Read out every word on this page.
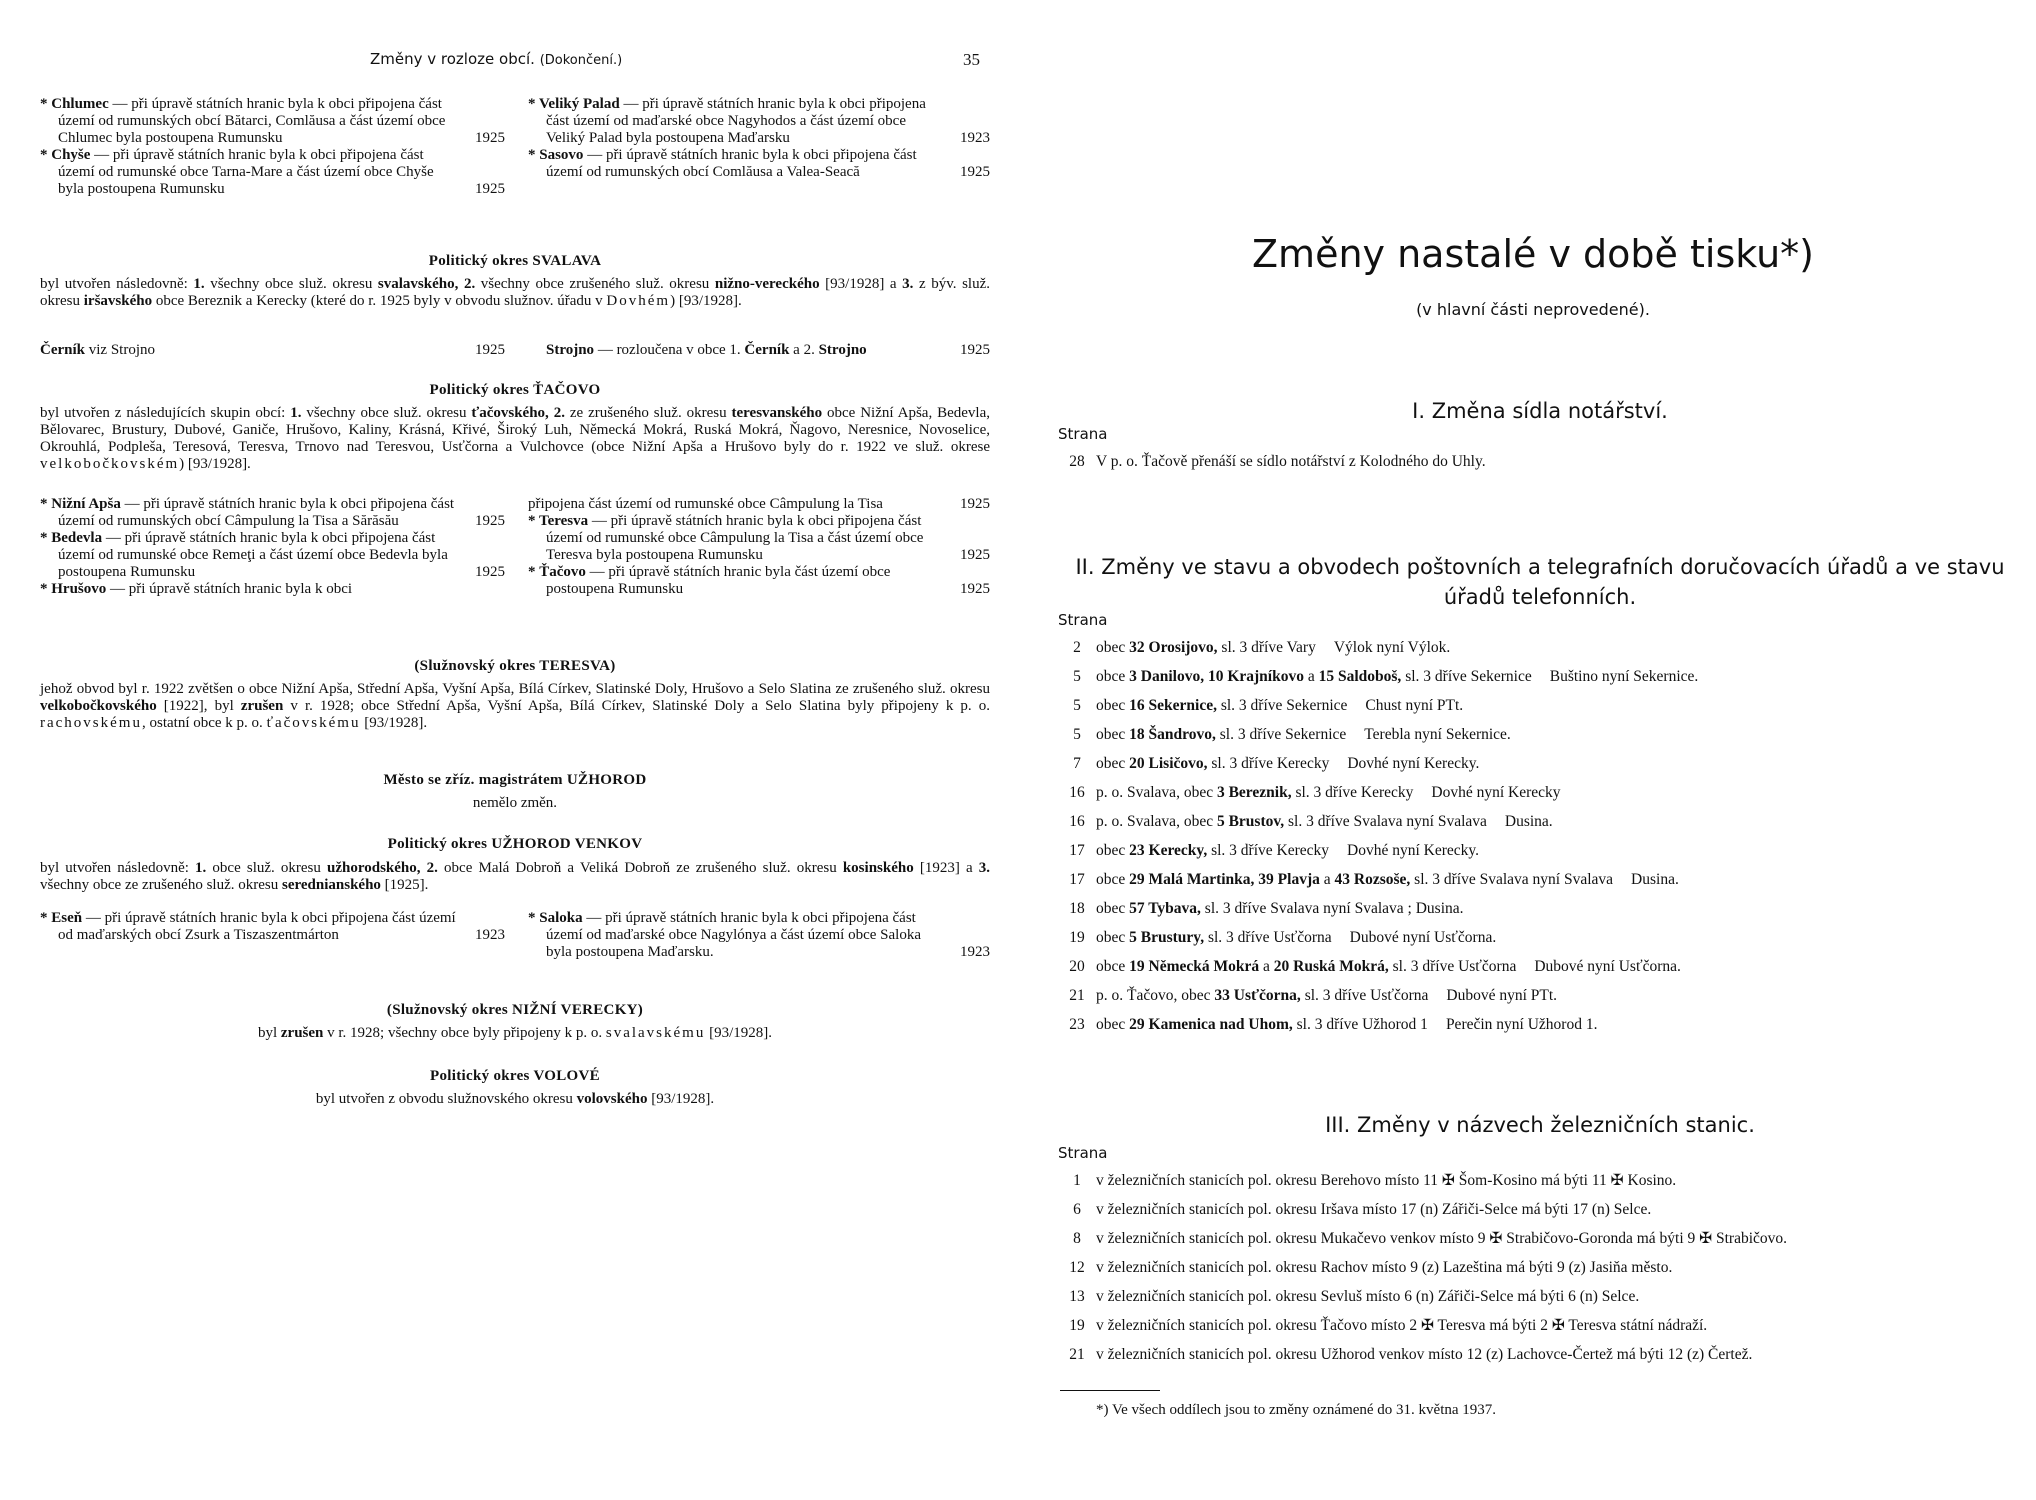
Změny v rozloze obcí. (Dokončení.)	35

* Chlumec — při úpravě státních hranic byla k obci připojena část území od rumunských obcí Bătarci, Comlăusa a část území obce Chlumec byla postoupena Rumunsku	1925

* Chyše — při úpravě státních hranic byla k obci připojena část území od rumunské obce Tarna-Mare a část území obce Chyše byla postoupena Rumunsku	1925

* Veliký Palad — při úpravě státních hranic byla k obci připojena část území od maďarské obce Nagyhodos a část území obce Veliký Palad byla postoupena Maďarsku	1923

* Sasovo — při úpravě státních hranic byla k obci připojena část území od rumunských obcí Comlăusa a Valea-Seacă	1925
Politický okres SVALAVA

byl utvořen následovně: 1. všechny obce služ. okresu svalavského, 2. všechny obce zrušeného služ. okresu nižno-vereckého [93/1928] a 3. z býv. služ. okresu iršavského obce Bereznik a Kerecky (které do r. 1925 byly v obvodu služnov. úřadu v Dovhém) [93/1928].

Černík viz Strojno	1925	Strojno — rozloučena v obce 1. Černík a 2. Strojno	1925
Politický okres ŤAČOVO

byl utvořen z následujících skupin obcí: 1. všechny obce služ. okresu ťačovského, 2. ze zrušeného služ. okresu teresvanského obce Nižní Apša, Bedevla, Bělovarec, Brustury, Dubové, Ganiče, Hrušovo, Kalinу, Krásná, Křivé, Široký Luh, Německá Mokrá, Ruská Mokrá, Ňagovo, Neresnice, Novoselice, Okrouhlá, Podpleša, Teresová, Teresva, Trnovo nad Teresvou, Usťčorna a Vulchovce (obce Nižní Apša a Hrušovo byly do r. 1922 ve služ. okrese velkobočkovském) [93/1928].

* Nižní Apša — při úpravě státních hranic byla k obci připojena část území od rumunských obcí Câmpulung la Tisa a Sărăsău	1925

* Bedevla — při úpravě státních hranic byla k obci připojena část území od rumunské obce Remeţi a část území obce Bedevla byla postoupena Rumunsku	1925

* Hrušovo — při úpravě státních hranic byla k obci

připojena část území od rumunské obce Câmpulung la Tisa	1925

* Teresva — při úpravě státních hranic byla k obci připojena část území od rumunské obce Câmpulung la Tisa a část území obce Teresva byla postoupena Rumunsku	1925

* Ťačovo — při úpravě státních hranic byla část území obce postoupena Rumunsku	1925
(Služnovský okres TERESVA)

jehož obvod byl r. 1922 zvětšen o obce Nižní Apša, Střední Apša, Vyšní Apša, Bílá Církev, Slatinské Doly, Hrušovo a Selo Slatina ze zrušeného služ. okresu velkobočkovského [1922], byl zrušen v r. 1928; obce Střední Apša, Vyšní Apša, Bílá Církev, Slatinské Doly a Selo Slatina byly připojeny k p. o. rachovskému, ostatní obce k p. o. ťačovskému [93/1928].

Město se zříz. magistrátem UŽHOROD
nemělo změn.
Politický okres UŽHOROD VENKOV

byl utvořen následovně: 1. obce služ. okresu užhorodského, 2. obce Malá Dobroň a Veliká Dobroň ze zrušeného služ. okresu kosinského [1923] a 3. všechny obce ze zrušeného služ. okresu serednianského [1925].

* Eseň — při úpravě státních hranic byla k obci připojena část území od maďarských obcí Zsurk a Tiszaszentmárton	1923

* Saloka — při úpravě státních hranic byla k obci připojena část území od maďarské obce Nagylónya a část území obce Saloka byla postoupena Maďarsku.	1923
(Služnovský okres NIŽNÍ VERECKY)
byl zrušen v r. 1928; všechny obce byly připojeny k p. o. svalavskému [93/1928].
Politický okres VOLOVÉ
byl utvořen z obvodu služnovského okresu volovského [93/1928].
Změny nastalé v době tisku*)
(v hlavní části neprovedené).
I. Změna sídla notářství.
Strana
28 V p. o. Ťačově přenáší se sídlo notářství z Kolodného do Uhly.
II. Změny ve stavu a obvodech poštovních a telegrafních doručovacích úřadů a ve stavu úřadů telefonních.
Strana
2 obec 32 Orosijovo, sl. 3 dříve Vary Výlok nyní Výlok.
5 obce 3 Danilovo, 10 Krajníkovo a 15 Saldoboš, sl. 3 dříve Sekernice Buštino nyní Sekernice.
5 obec 16 Sekernice, sl. 3 dříve Sekernice Chust nyní PTt.
5 obec 18 Šandrovo, sl. 3 dříve Sekernice Terebla nyní Sekernice.
7 obec 20 Lisičovo, sl. 3 dříve Kerecky Dovhé nyní Kerecky.
16 p. o. Svalava, obec 3 Bereznik, sl. 3 dříve Kerecky Dovhé nyní Kerecky
16 p. o. Svalava, obec 5 Brustov, sl. 3 dříve Svalava nyní Svalava Dusina.
17 obec 23 Kerecky, sl. 3 dříve Kerecky Dovhé nyní Kerecky.
17 obce 29 Malá Martinka, 39 Plavja a 43 Rozsoše, sl. 3 dříve Svalava nyní Svalava Dusina.
18 obec 57 Tybava, sl. 3 dříve Svalava nyní Svalava ; Dusina.
19 obec 5 Brustury, sl. 3 dříve Usťčorna Dubové nyní Usťčorna.
20 obce 19 Německá Mokrá a 20 Ruská Mokrá, sl. 3 dříve Usťčorna Dubové nyní Usťčorna.
21 p. o. Ťačovo, obec 33 Usťčorna, sl. 3 dříve Usťčorna Dubové nyní PTt.
23 obec 29 Kamenica nad Uhom, sl. 3 dříve Užhorod 1 Perečin nyní Užhorod 1.
III. Změny v názvech železničních stanic.
Strana
1 v železničních stanicích pol. okresu Berehovo místo 11 ✠ Šom-Kosino má býti 11 ✠ Kosino.
6 v železničních stanicích pol. okresu Iršava místo 17 (n) Zářiči-Selce má býti 17 (n) Selce.
8 v železničních stanicích pol. okresu Mukačevo venkov místo 9 ✠ Strabičovo-Goronda má býti 9 ✠ Strabičovo.
12 v železničních stanicích pol. okresu Rachov místo 9 (z) Lazeština má býti 9 (z) Jasiňa město.
13 v železničních stanicích pol. okresu Sevluš místo 6 (n) Zářiči-Selce má býti 6 (n) Selce.
19 v železničních stanicích pol. okresu Ťačovo místo 2 ✠ Teresva má býti 2 ✠ Teresva státní nádraží.
21 v železničních stanicích pol. okresu Užhorod venkov místo 12 (z) Lachovce-Čertež má býti 12 (z) Čertež.
*) Ve všech oddílech jsou to změny oznámené do 31. května 1937.
